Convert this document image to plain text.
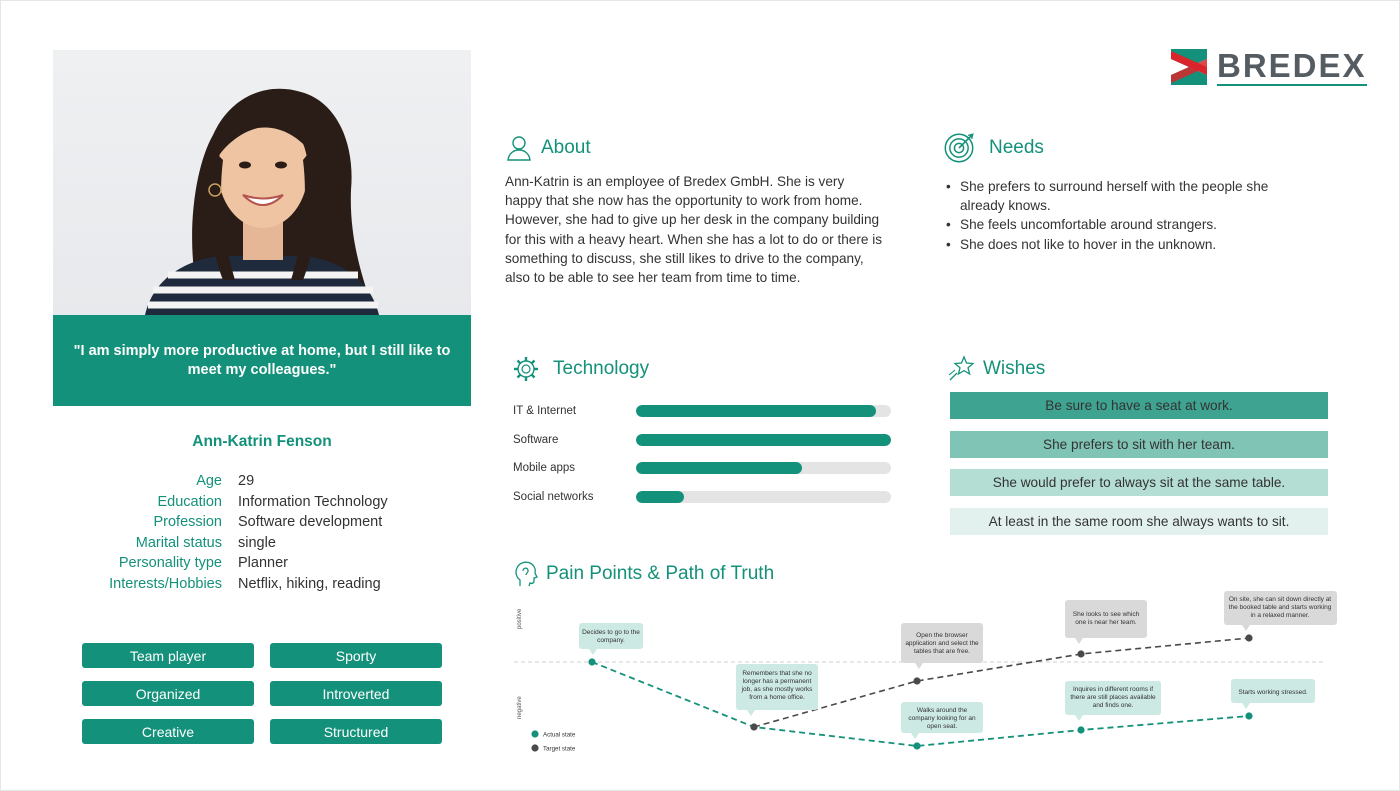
"I am simply more productive at home, but I still like to meet my colleagues."
Ann-Katrin Fenson
Age	29
Education	Information Technology
Profession	Software development
Marital status	single
Personality type	Planner
Interests/Hobbies	Netflix, hiking, reading
Team player	Sporty
Organized	Introverted
Creative	Structured
BREDEX
About

Ann-Katrin is an employee of Bredex GmbH. She is very happy that she now has the opportunity to work from home. However, she had to give up her desk in the company building for this with a heavy heart. When she has a lot to do or there is something to discuss, she still likes to drive to the company, also to be able to see her team from time to time.

Needs
• She prefers to surround herself with the people she already knows.
• She feels uncomfortable around strangers.
• She does not like to hover in the unknown.
Technology
IT & Internet
Software
Mobile apps
Social networks
Wishes
Be sure to have a seat at work.
She prefers to sit with her team.
She would prefer to always sit at the same table.
At least in the same room she always wants to sit.
Pain Points & Path of Truth
positive
negative
Decides to go to the company.
Remembers that she no longer has a permanent job, as she mostly works from a home office.
Walks around the company looking for an open seat.
Inquires in different rooms if there are still places available and finds one.
Starts working stressed.
Open the browser application and select the tables that are free.
She looks to see which one is near her team.
On site, she can sit down directly at the booked table and starts working in a relaxed manner.
Actual state
Target state
